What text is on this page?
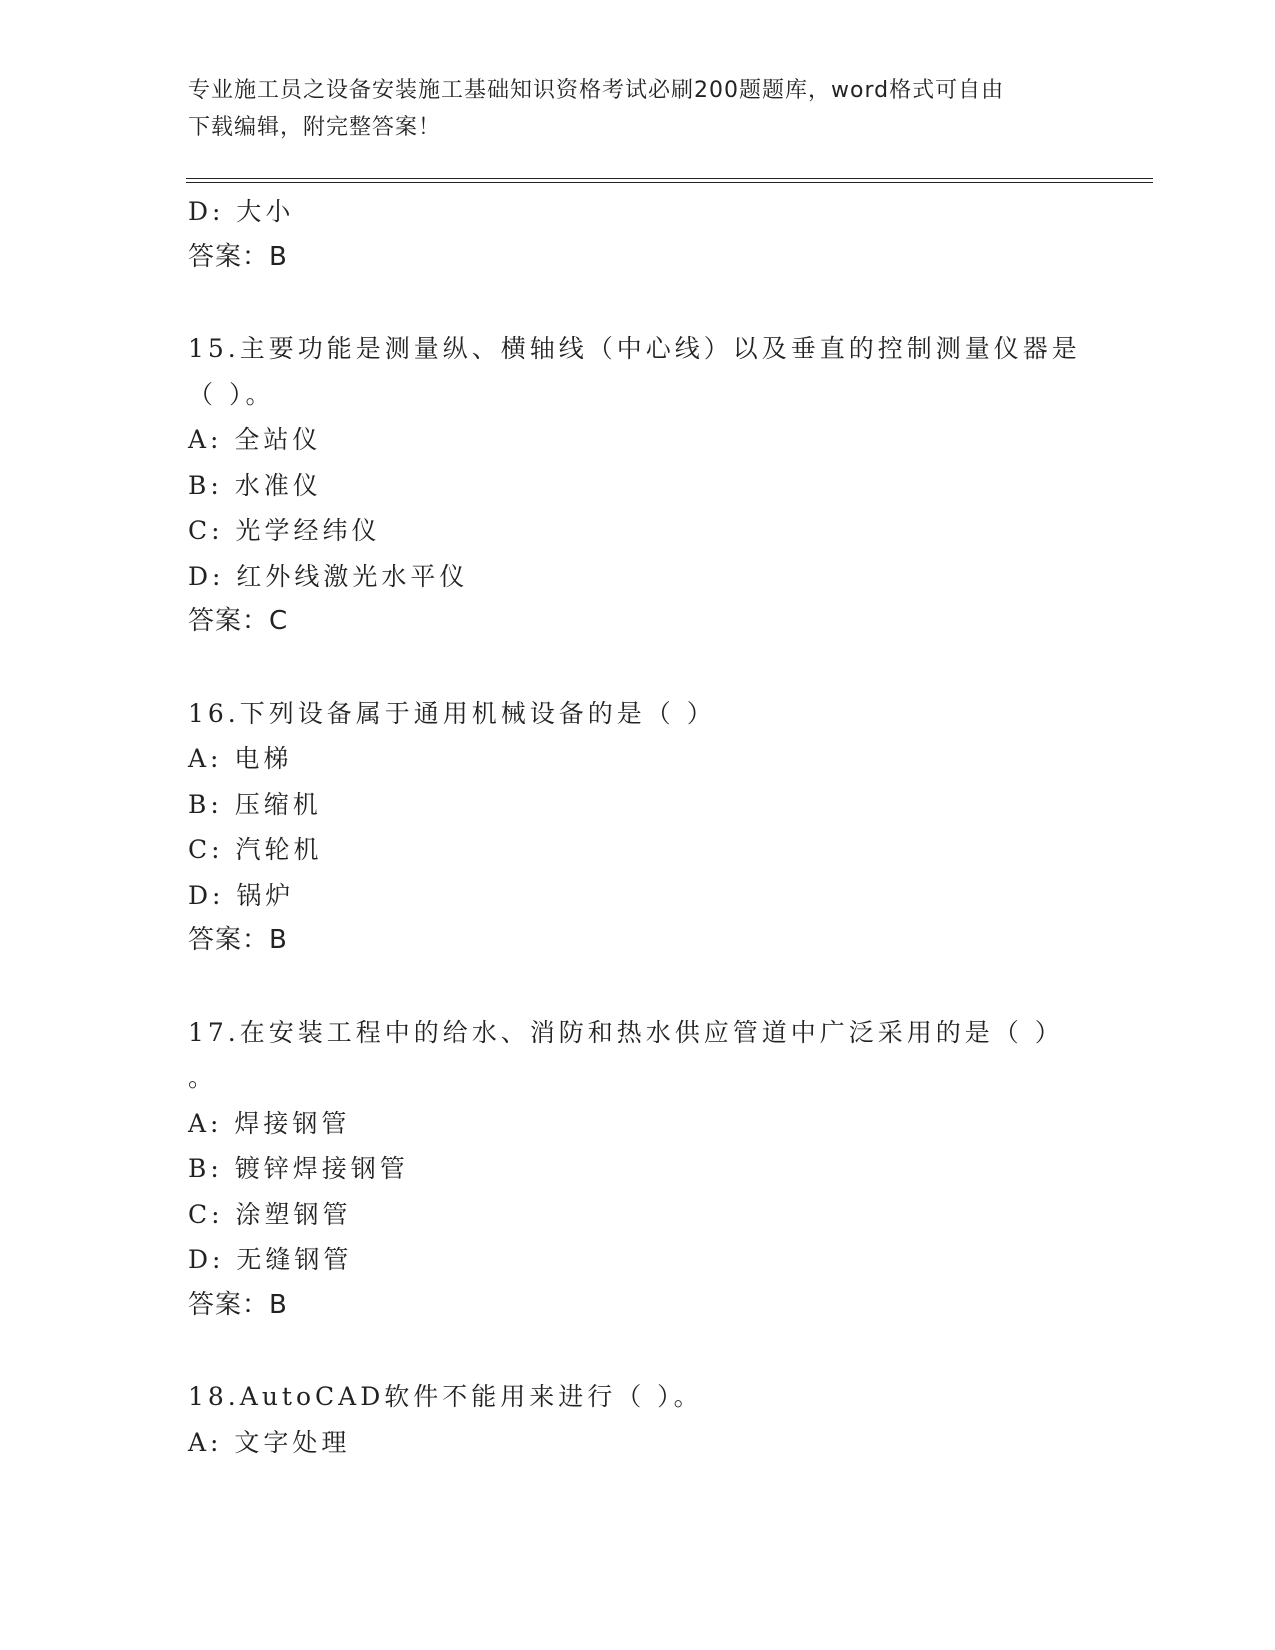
专业施工员之设备安装施工基础知识资格考试必刷200题题库，word格式可自由
下载编辑，附完整答案！
D: 大小
答案：B
15.主要功能是测量纵、横轴线（中心线）以及垂直的控制测量仪器是
（ ）。
A: 全站仪
B: 水准仪
C: 光学经纬仪
D: 红外线激光水平仪
答案：C
16.下列设备属于通用机械设备的是（ ）
A: 电梯
B: 压缩机
C: 汽轮机
D: 锅炉
答案：B
17.在安装工程中的给水、消防和热水供应管道中广泛采用的是（ ）
。
A: 焊接钢管
B: 镀锌焊接钢管
C: 涂塑钢管
D: 无缝钢管
答案：B
18.AutoCAD软件不能用来进行（ ）。
A: 文字处理
